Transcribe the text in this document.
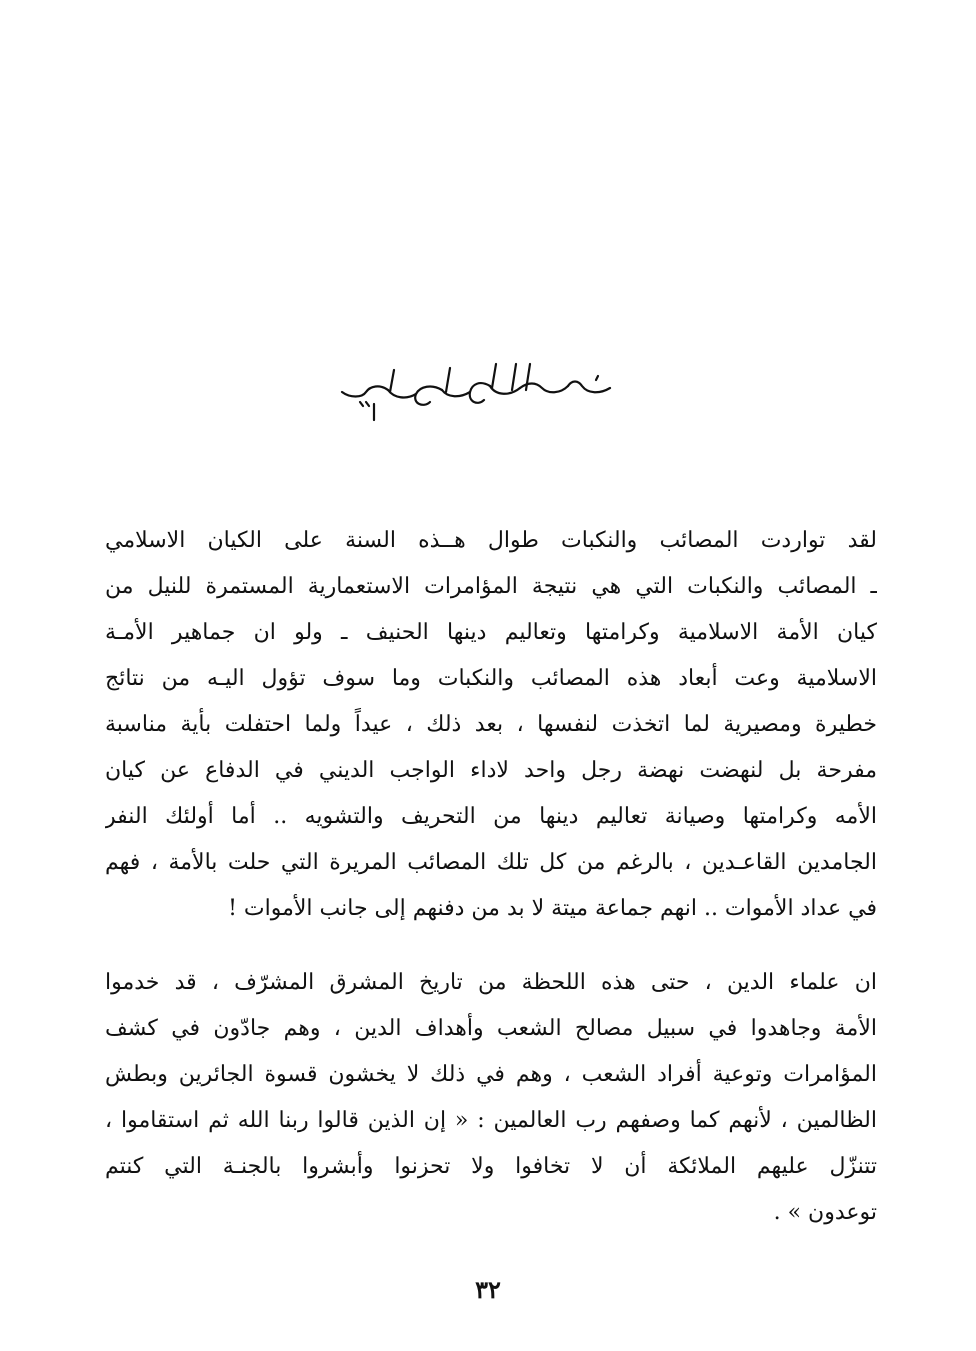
بسم الله الرحمن الرحيم
لقد تواردت المصائب والنكبات طوال هــذه السنة على الكيان الاسلامي
ـ المصائب والنكبات التي هي نتيجة المؤامرات الاستعمارية المستمرة للنيل من
كيان الأمة الاسلامية وكرامتها وتعاليم دينها الحنيف ـ ولو ان جماهير الأمـة
الاسلامية وعت أبعاد هذه المصائب والنكبات وما سوف تؤول اليـه من نتائج
خطيرة ومصيرية لما اتخذت لنفسها ، بعد ذلك ، عيداً ولما احتفلت بأية مناسبة
مفرحة بل لنهضت نهضة رجل واحد لاداء الواجب الديني في الدفاع عن كيان
الأمه وكرامتها وصيانة تعاليم دينها من التحريف والتشويه .. أما أولئك النفر
الجامدين القاعـدين ، بالرغم من كل تلك المصائب المريرة التي حلت بالأمة ، فهم
في عداد الأموات .. انهم جماعة ميتة لا بد من دفنهم إلى جانب الأموات !
ان علماء الدين ، حتى هذه اللحظة من تاريخ المشرق المشرّف ، قد خدموا
الأمة وجاهدوا في سبيل مصالح الشعب وأهداف الدين ، وهم جادّون في كشف
المؤامرات وتوعية أفراد الشعب ، وهم في ذلك لا يخشون قسوة الجائرين وبطش
الظالمين ، لأنهم كما وصفهم رب العالمين : « إن الذين قالوا ربنا الله ثم استقاموا ،
تتنزّل عليهم الملائكة أن لا تخافوا ولا تحزنوا وأبشروا بالجنـة التي كنتم
توعدون » .
٣٢
